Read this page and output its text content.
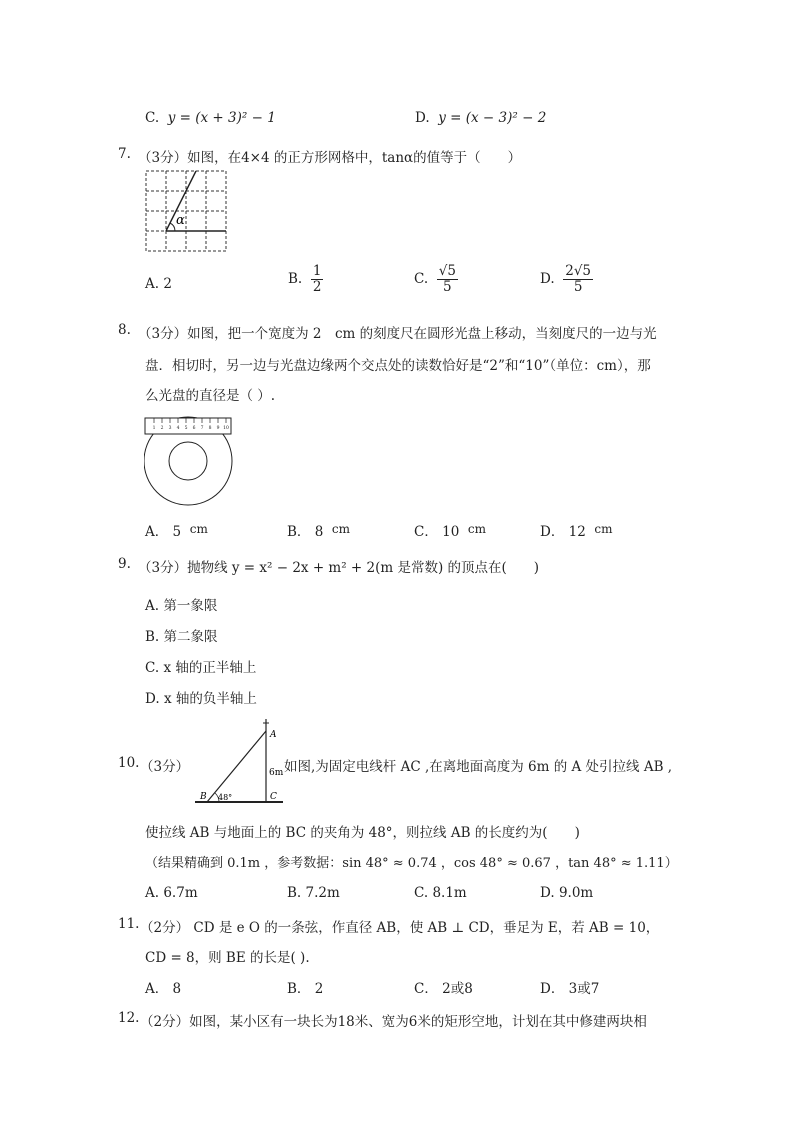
C. y = (x + 3)² − 1	D. y = (x − 3)² − 2
7. （3分）如图，在4×4 的正方形网格中，tanα的值等于（　　）
α
A. 2	B. $\frac{1}{2}$	C. $\frac{√5}{5}$	D. $\frac{2√5}{5}$
8. （3分）如图，把一个宽度为 2　cm 的刻度尺在圆形光盘上移动，当刻度尺的一边与光
盘．相切时，另一边与光盘边缘两个交点处的读数恰好是“2”和“10”（单位：cm），那
么光盘的直径是（ ）.
1 2 3 4 5 6 7 8 9 10
A． 5 cm	B． 8 cm	C． 10 cm	D． 12 cm
9. （3分）抛物线 y = x² − 2x + m² + 2(m 是常数) 的顶点在(　　)
A. 第一象限
B. 第二象限
C. x 轴的正半轴上
D. x 轴的负半轴上
10. （3分）
A
6m
C
B 48°
如图,为固定电线杆 AC ,在离地面高度为 6m 的 A 处引拉线 AB ,
使拉线 AB 与地面上的 BC 的夹角为 48°，则拉线 AB 的长度约为(　　)
（结果精确到 0.1m ，参考数据：sin 48° ≈ 0.74 ，cos 48° ≈ 0.67 ，tan 48° ≈ 1.11）
A. 6.7m	B. 7.2m	C. 8.1m	D. 9.0m
11. （2分） CD 是 e O 的一条弦，作直径 AB，使 AB ⊥ CD，垂足为 E，若 AB = 10，
CD = 8，则 BE 的长是( ).
A． 8	B． 2	C． 2或8	D． 3或7
12. （2分）如图，某小区有一块长为18米、宽为6米的矩形空地，计划在其中修建两块相
